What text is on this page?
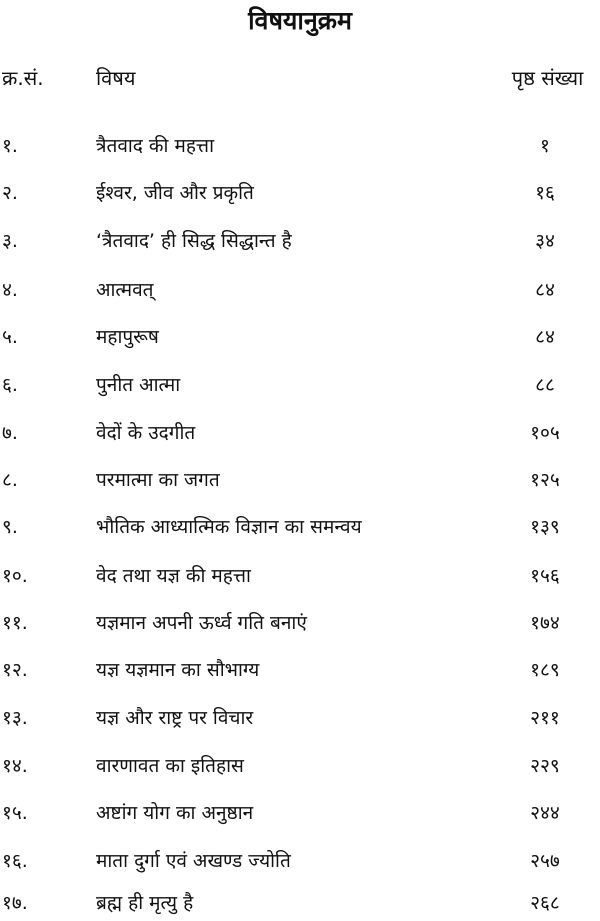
विषयानुक्रम
क्र.सं.	विषय	पृष्ठ संख्या
१.	त्रैतवाद की महत्ता	१
२.	ईश्वर, जीव और प्रकृति	१६
३.	‘त्रैतवाद’ ही सिद्ध सिद्धान्त है	३४
४.	आत्मवत्	८४
५.	महापुरूष	८४
६.	पुनीत आत्मा	८८
७.	वेदों के उदगीत	१०५
८.	परमात्मा का जगत	१२५
९.	भौतिक आध्यात्मिक विज्ञान का समन्वय	१३९
१०.	वेद तथा यज्ञ की महत्ता	१५६
११.	यज्ञमान अपनी ऊर्ध्व गति बनाएं	१७४
१२.	यज्ञ यज्ञमान का सौभाग्य	१८९
१३.	यज्ञ और राष्ट्र पर विचार	२११
१४.	वारणावत का इतिहास	२२९
१५.	अष्टांग योग का अनुष्ठान	२४४
१६.	माता दुर्गा एवं अखण्ड ज्योति	२५७
१७.	ब्रह्म ही मृत्यु है	२६८
